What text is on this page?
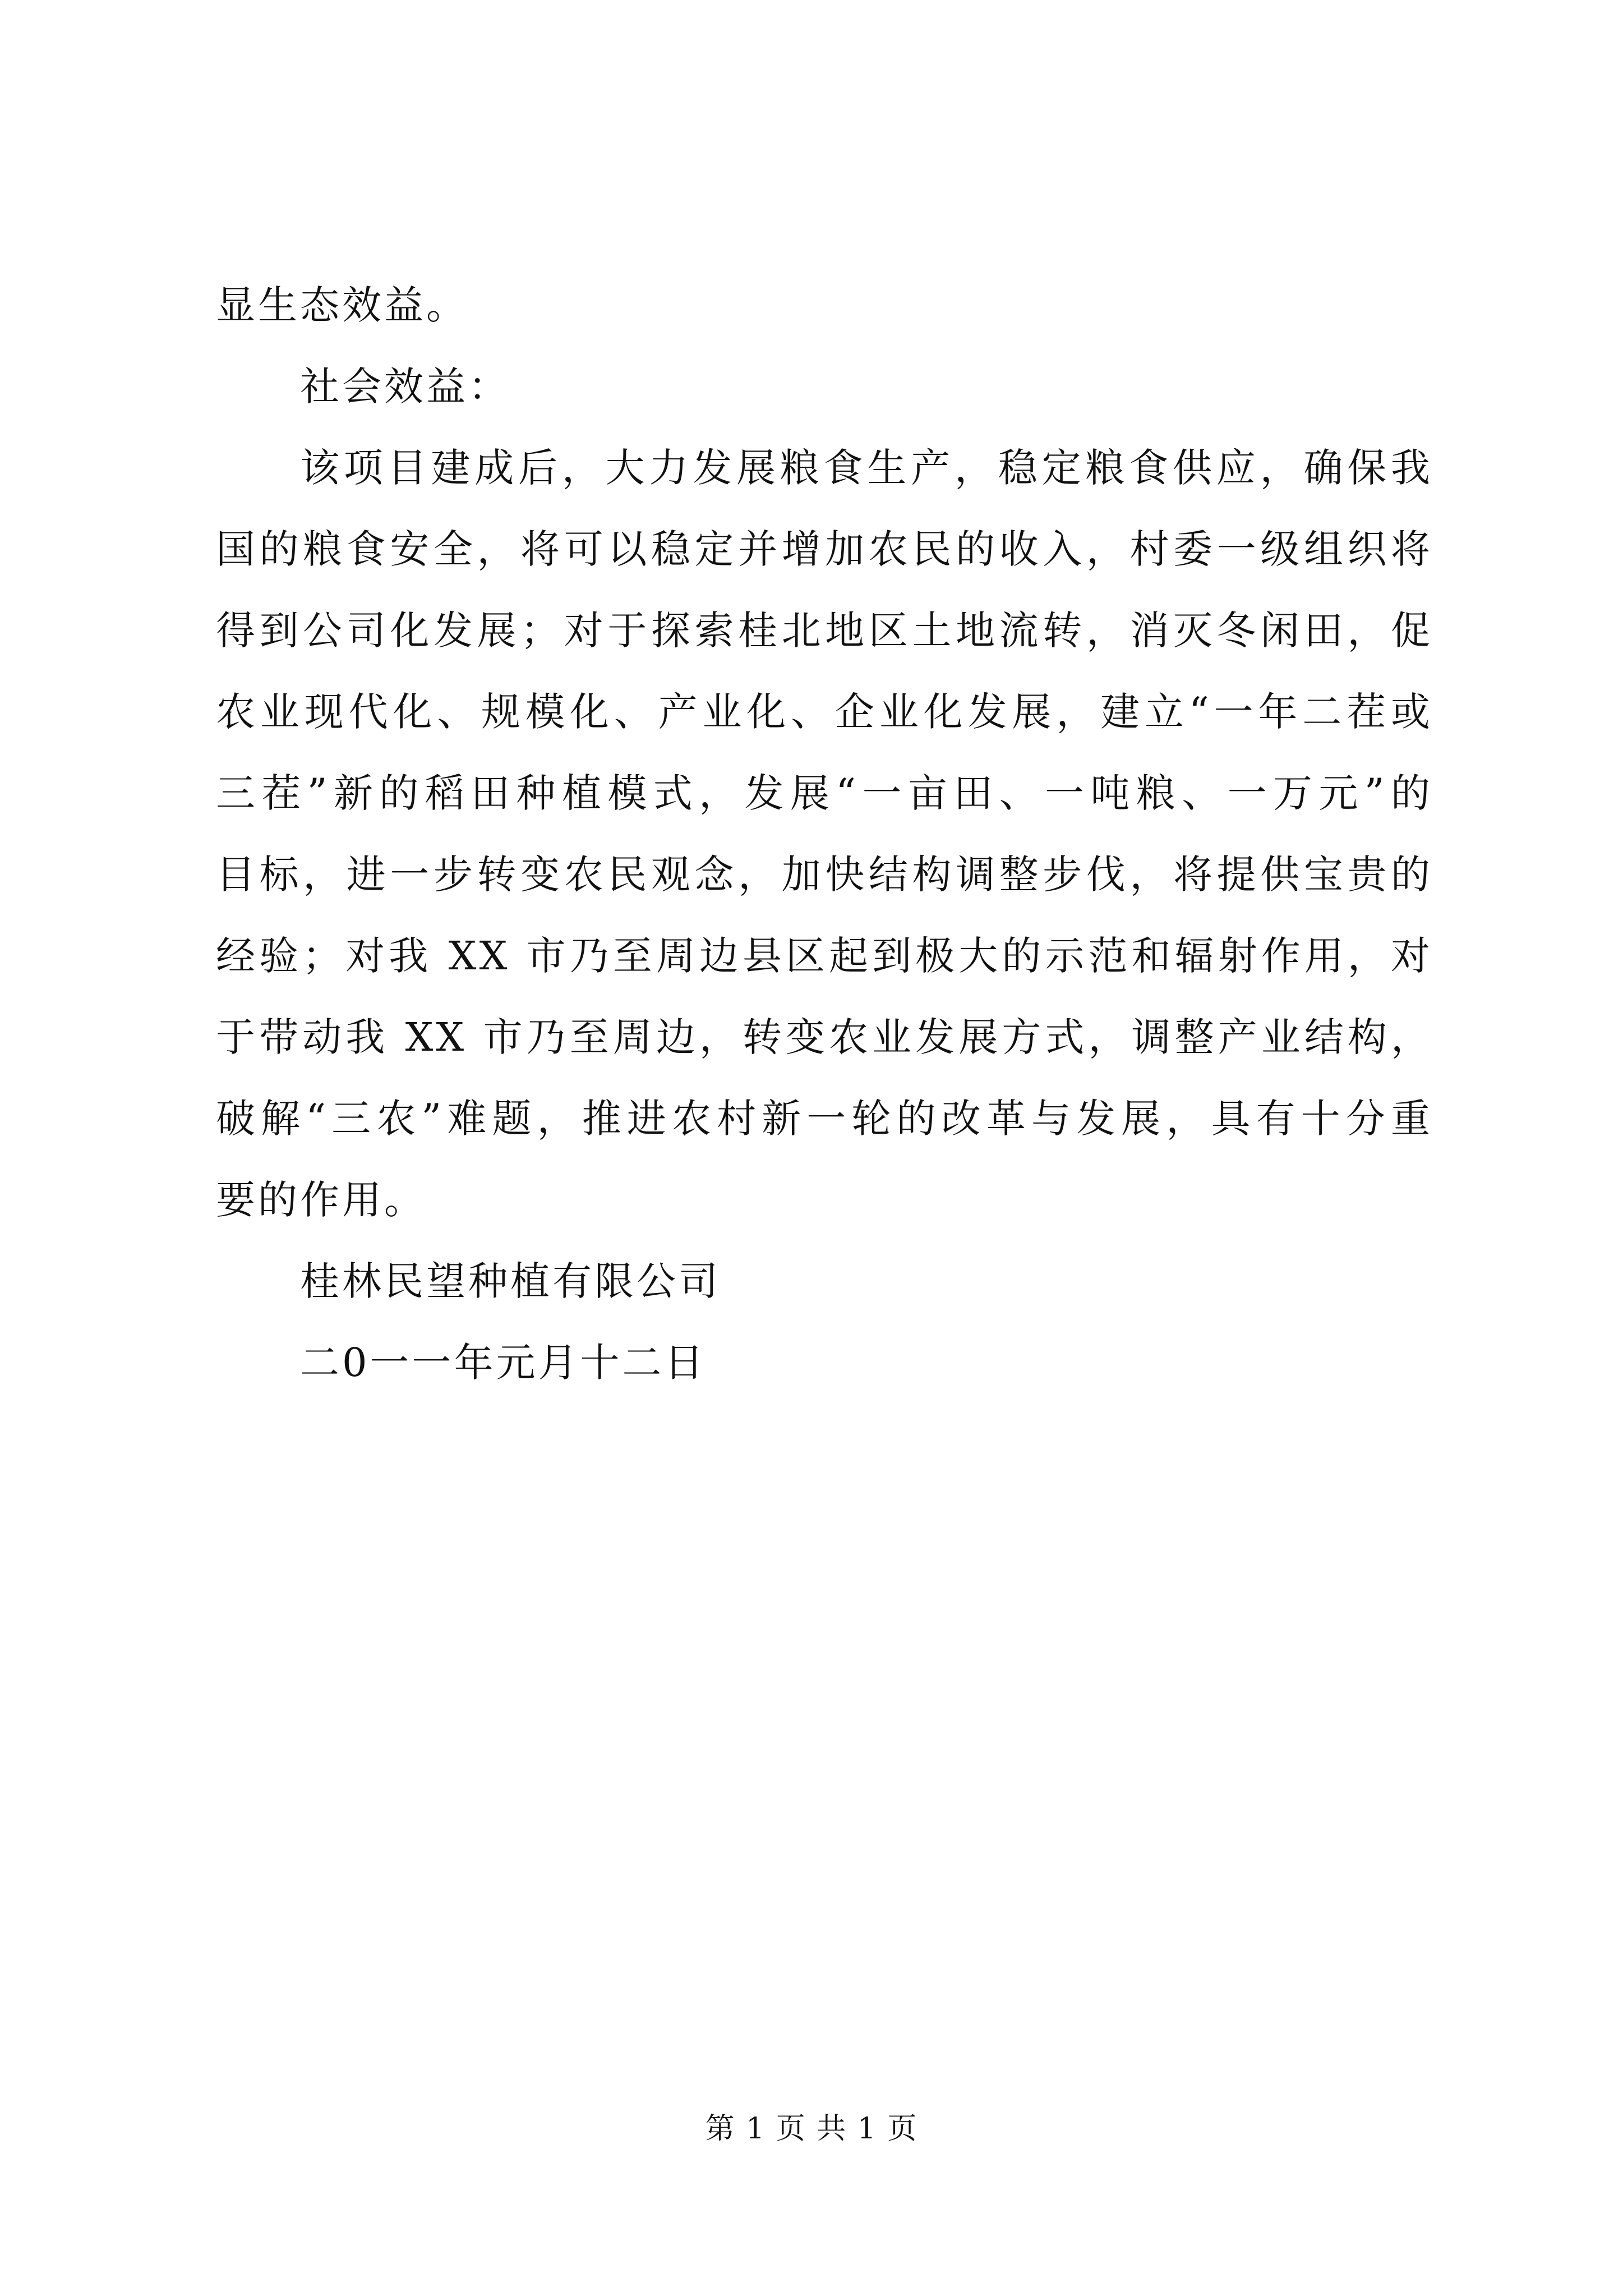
显生态效益。
社会效益：
该项目建成后，大力发展粮食生产，稳定粮食供应，确保我
国的粮食安全，将可以稳定并增加农民的收入，村委一级组织将
得到公司化发展；对于探索桂北地区土地流转，消灭冬闲田，促
农业现代化、规模化、产业化、企业化发展，建立“一年二茬或
三茬”新的稻田种植模式，发展“一亩田、一吨粮、一万元”的
目标，进一步转变农民观念，加快结构调整步伐，将提供宝贵的
经验；对我 XX 市乃至周边县区起到极大的示范和辐射作用，对
于带动我 XX 市乃至周边，转变农业发展方式，调整产业结构，
破解“三农”难题，推进农村新一轮的改革与发展，具有十分重
要的作用。
桂林民望种植有限公司
二0一一年元月十二日
第 1 页 共 1 页
